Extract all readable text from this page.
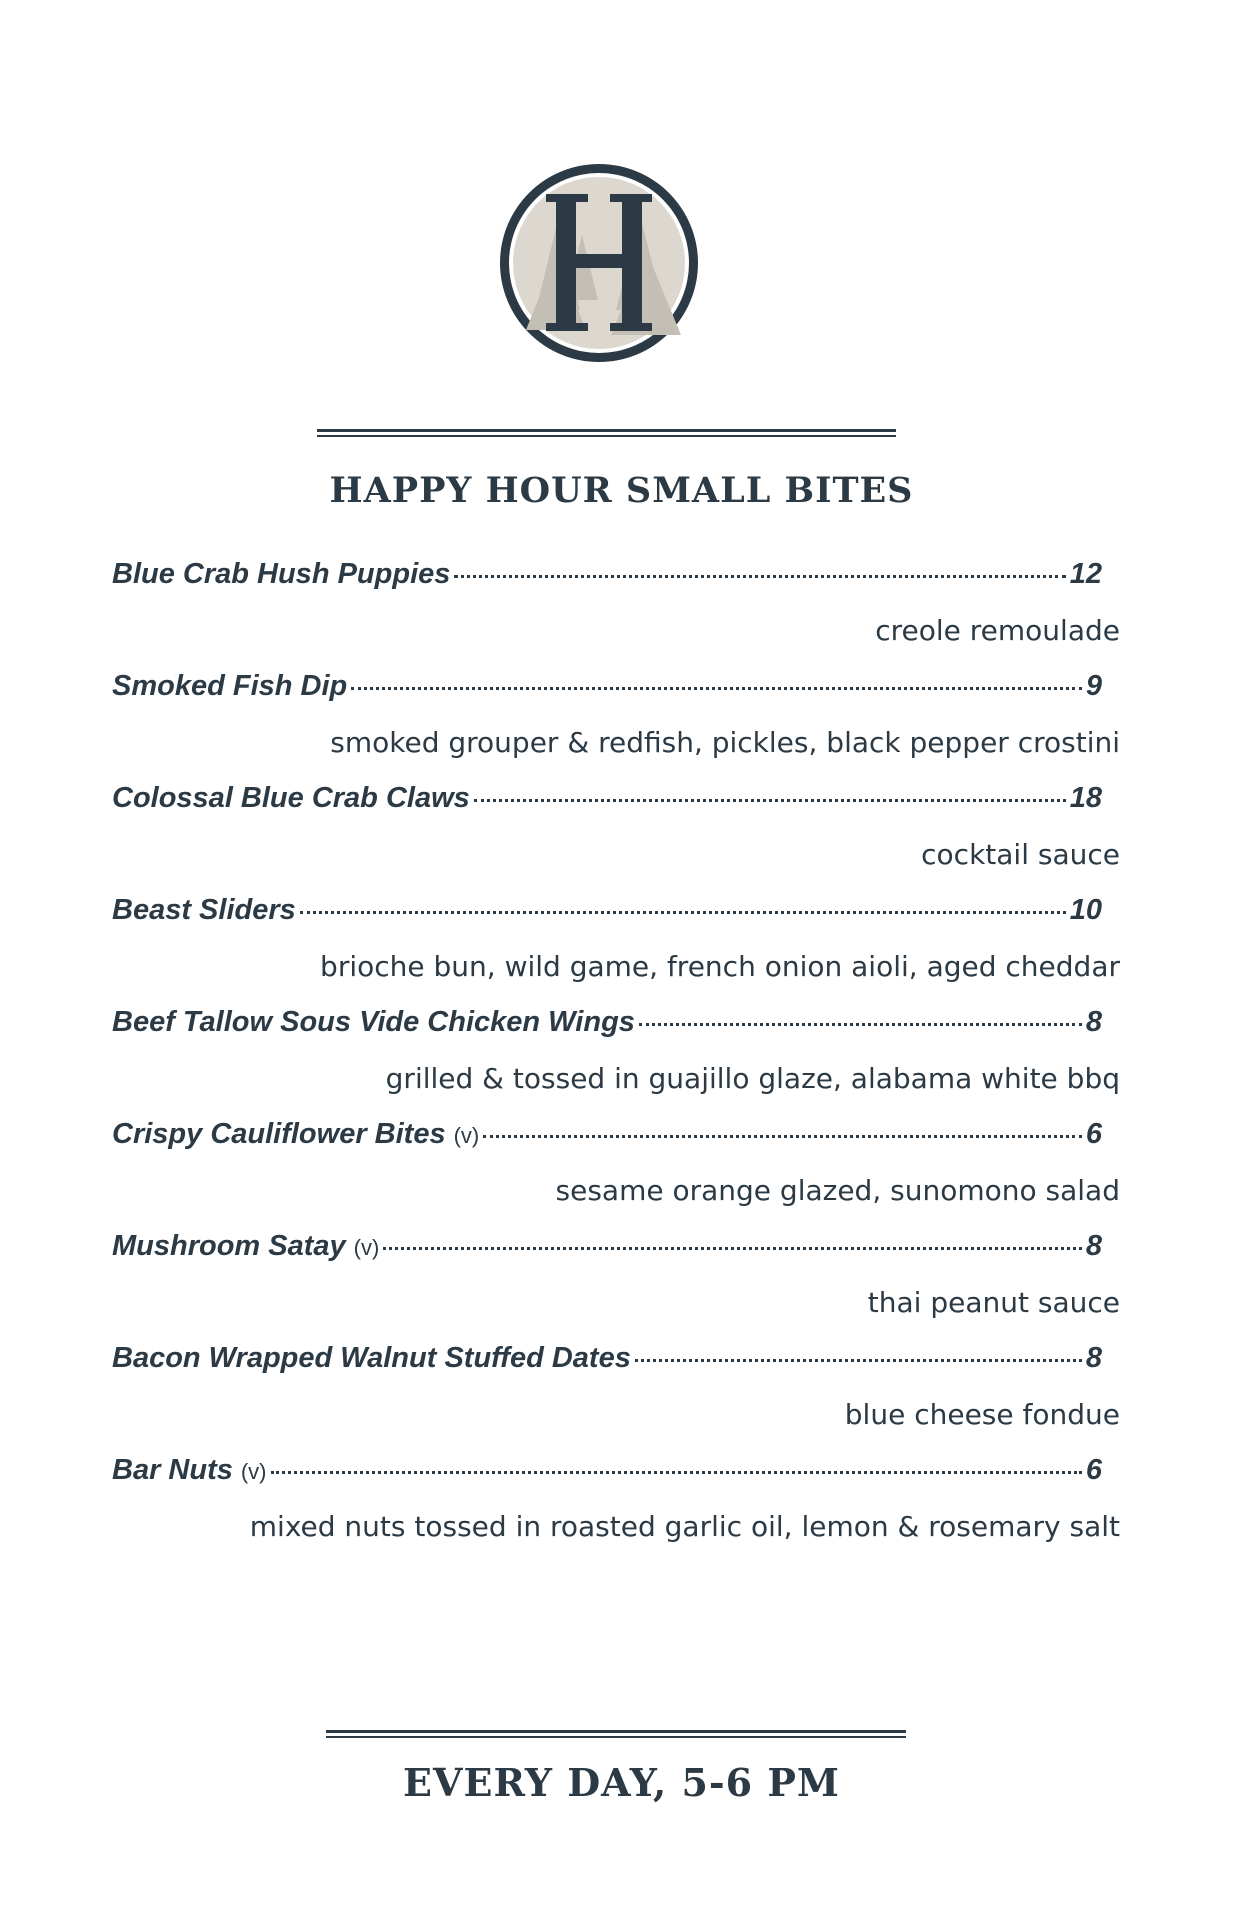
HAPPY HOUR SMALL BITES
Blue Crab Hush Puppies	12
creole remoulade
Smoked Fish Dip	9
smoked grouper & redfish, pickles, black pepper crostini
Colossal Blue Crab Claws	18
cocktail sauce
Beast Sliders	10
brioche bun, wild game, french onion aioli, aged cheddar
Beef Tallow Sous Vide Chicken Wings	8
grilled & tossed in guajillo glaze, alabama white bbq
Crispy Cauliflower Bites (v)	6
sesame orange glazed, sunomono salad
Mushroom Satay (v)	8
thai peanut sauce
Bacon Wrapped Walnut Stuffed Dates	8
blue cheese fondue
Bar Nuts (v)	6
mixed nuts tossed in roasted garlic oil, lemon & rosemary salt
EVERY DAY, 5-6 PM
